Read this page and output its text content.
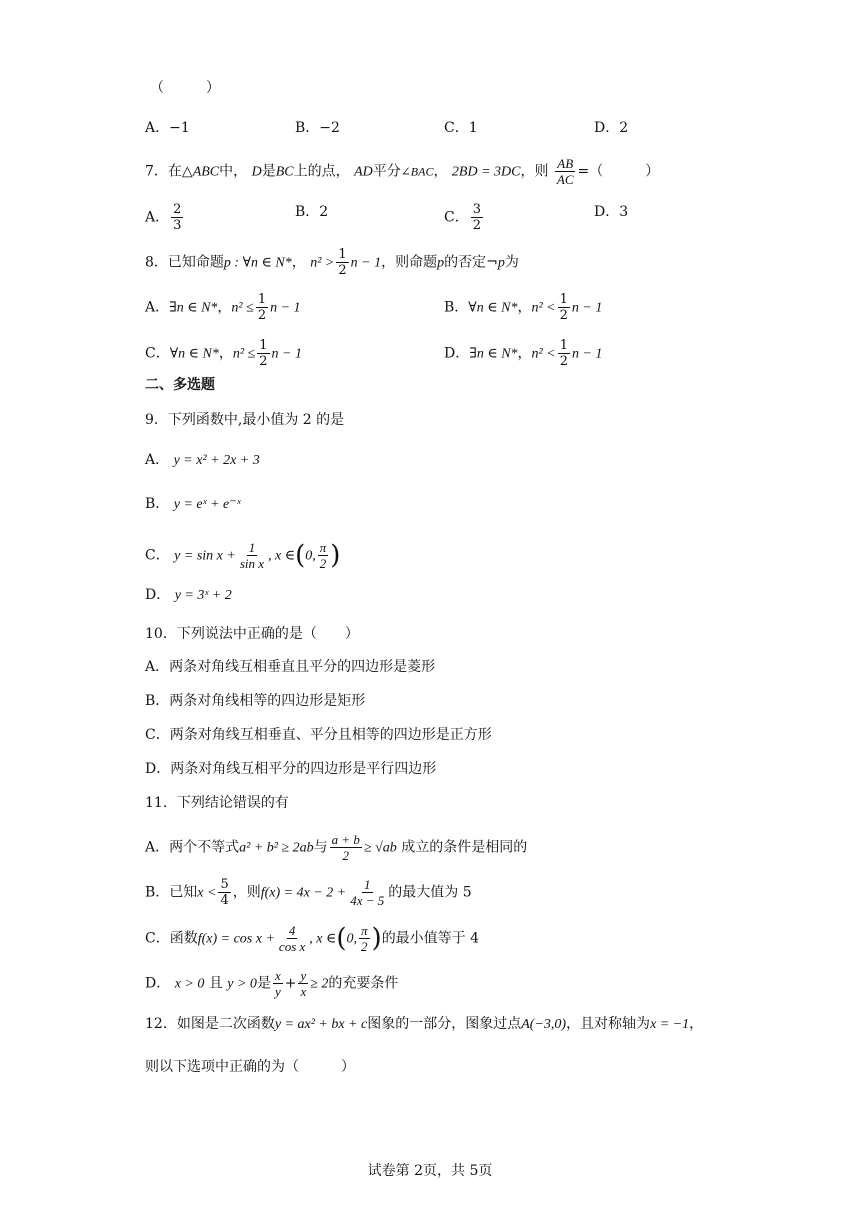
（　　　）
A．−1	B．−2	C．1	D．2
7．在△ABC中， D是BC上的点， AD平分∠BAC， 2BD = 3DC，则 $\frac{AB}{AC}$ =（　　　）
A． $\frac{2}{3}$	B．2	C． $\frac{3}{2}$	D．3
8．已知命题p : ∀n ∈ N*， $n^2 > \frac{1}{2}$ n − 1，则命题p的否定¬p为
A．∃n ∈ N*，$n^2 \le \frac{1}{2}$ n − 1	B．∀n ∈ N*，$n^2 < \frac{1}{2}$ n − 1
C．∀n ∈ N*，$n^2 \le \frac{1}{2}$ n − 1	D．∃n ∈ N*，$n^2 < \frac{1}{2}$ n − 1
二、多选题
9．下列函数中,最小值为 2 的是
A． y = x² + 2x + 3
B． y = eˣ + e⁻ˣ
C． $y = \sin x + \frac{1}{\text{sin x}}$ , x ∈(0, $\frac{\pi}{2}$ )
D． y = 3ˣ + 2
10．下列说法中正确的是（　　）
A．两条对角线互相垂直且平分的四边形是菱形
B．两条对角线相等的四边形是矩形
C．两条对角线互相垂直、平分且相等的四边形是正方形
D．两条对角线互相平分的四边形是平行四边形
11．下列结论错误的有
A．两个不等式a² + b² ≥ 2ab与 $\frac{a + b}{2} \ge √ab$ 成立的条件是相同的
B．已知$x < \frac{5}{4}$ ，则$f(x) = 4x - 2 + \frac{1}{4x - 5}$ 的最大值为 5
C．函数$f(x) = \cos x + \frac{4}{\text{cos x}}$ , x ∈(0, $\frac{\pi}{2}$ )的最小值等于 4
D． x > 0 且 y > 0是 $\frac{x}{y} + \frac{y}{x} \ge 2$的充要条件
12．如图是二次函数y = ax² + bx + c图象的一部分，图象过点A(−3,0)，且对称轴为x = −1，
则以下选项中正确的为（　　　）
试卷第 2页，共 5页
